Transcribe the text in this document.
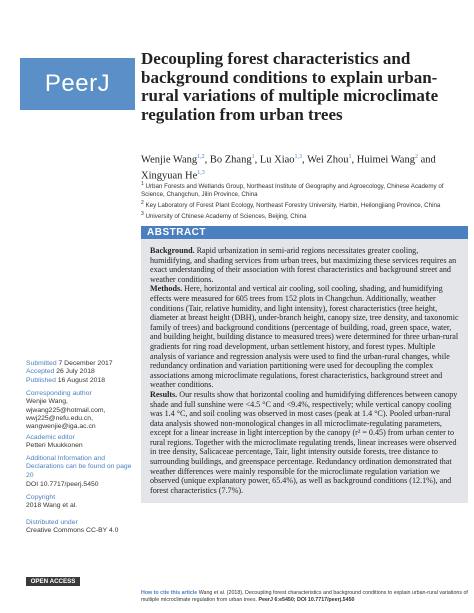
PeerJ
Decoupling forest characteristics and background conditions to explain urban-rural variations of multiple microclimate regulation from urban trees
Wenjie Wang$^{1,2}$, Bo Zhang$^1$, Lu Xiao$^{1,3}$, Wei Zhou$^1$, Huimei Wang$^2$ and Xingyuan He$^{1,3}$
$^1$ Urban Forests and Wetlands Group, Northeast Institute of Geography and Agroecology, Chinese Academy of Science, Changchun, Jilin Province, China
$^2$ Key Laboratory of Forest Plant Ecology, Northeast Forestry University, Harbin, Heilongjiang Province, China
$^3$ University of Chinese Academy of Sciences, Beijing, China
ABSTRACT

Background. Rapid urbanization in semi-arid regions necessitates greater cooling, humidifying, and shading services from urban trees, but maximizing these services requires an exact understanding of their association with forest characteristics and background street and weather conditions.

Methods. Here, horizontal and vertical air cooling, soil cooling, shading, and humidifying effects were measured for 605 trees from 152 plots in Changchun. Additionally, weather conditions (Tair, relative humidity, and light intensity), forest characteristics (tree height, diameter at breast height (DBH), under-branch height, canopy size, tree density, and taxonomic family of trees) and background conditions (percentage of building, road, green space, water, and building height, building distance to measured trees) were determined for three urban-rural gradients for ring road development, urban settlement history, and forest types. Multiple analysis of variance and regression analysis were used to find the urban-rural changes, while redundancy ordination and variation partitioning were used for decoupling the complex associations among microclimate regulations, forest characteristics, background street and weather conditions.

Results. Our results show that horizontal cooling and humidifying differences between canopy shade and full sunshine were <4.5 °C and <9.4%, respectively; while vertical canopy cooling was 1.4 °C, and soil cooling was observed in most cases (peak at 1.4 °C). Pooled urban-rural data analysis showed non-monological changes in all microclimate-regulating parameters, except for a linear increase in light interception by the canopy (r² = 0.45) from urban center to rural regions. Together with the microclimate regulating trends, linear increases were observed in tree density, Salicaceae percentage, Tair, light intensity outside forests, tree distance to surrounding buildings, and greenspace percentage. Redundancy ordination demonstrated that weather differences were mainly responsible for the microclimate regulation variation we observed (unique explanatory power, 65.4%), as well as background conditions (12.1%), and forest characteristics (7.7%).

Submitted 7 December 2017
Accepted 26 July 2018
Published 16 August 2018
Corresponding author
Wenjie Wang,
wjwang225@hotmail.com,
wwj225@nefu.edu.cn,
wangwenjie@iga.ac.cn
Academic editor
Petteri Muukkonen
Additional Information and Declarations can be found on page 20
DOI 10.7717/peerj.5450
Copyright
2018 Wang et al.
Distributed under
Creative Commons CC-BY 4.0
OPEN ACCESS
How to cite this article Wang et al. (2018), Decoupling forest characteristics and background conditions to explain urban-rural variations of multiple microclimate regulation from urban trees. PeerJ 6:e5450; DOI 10.7717/peerj.5450
